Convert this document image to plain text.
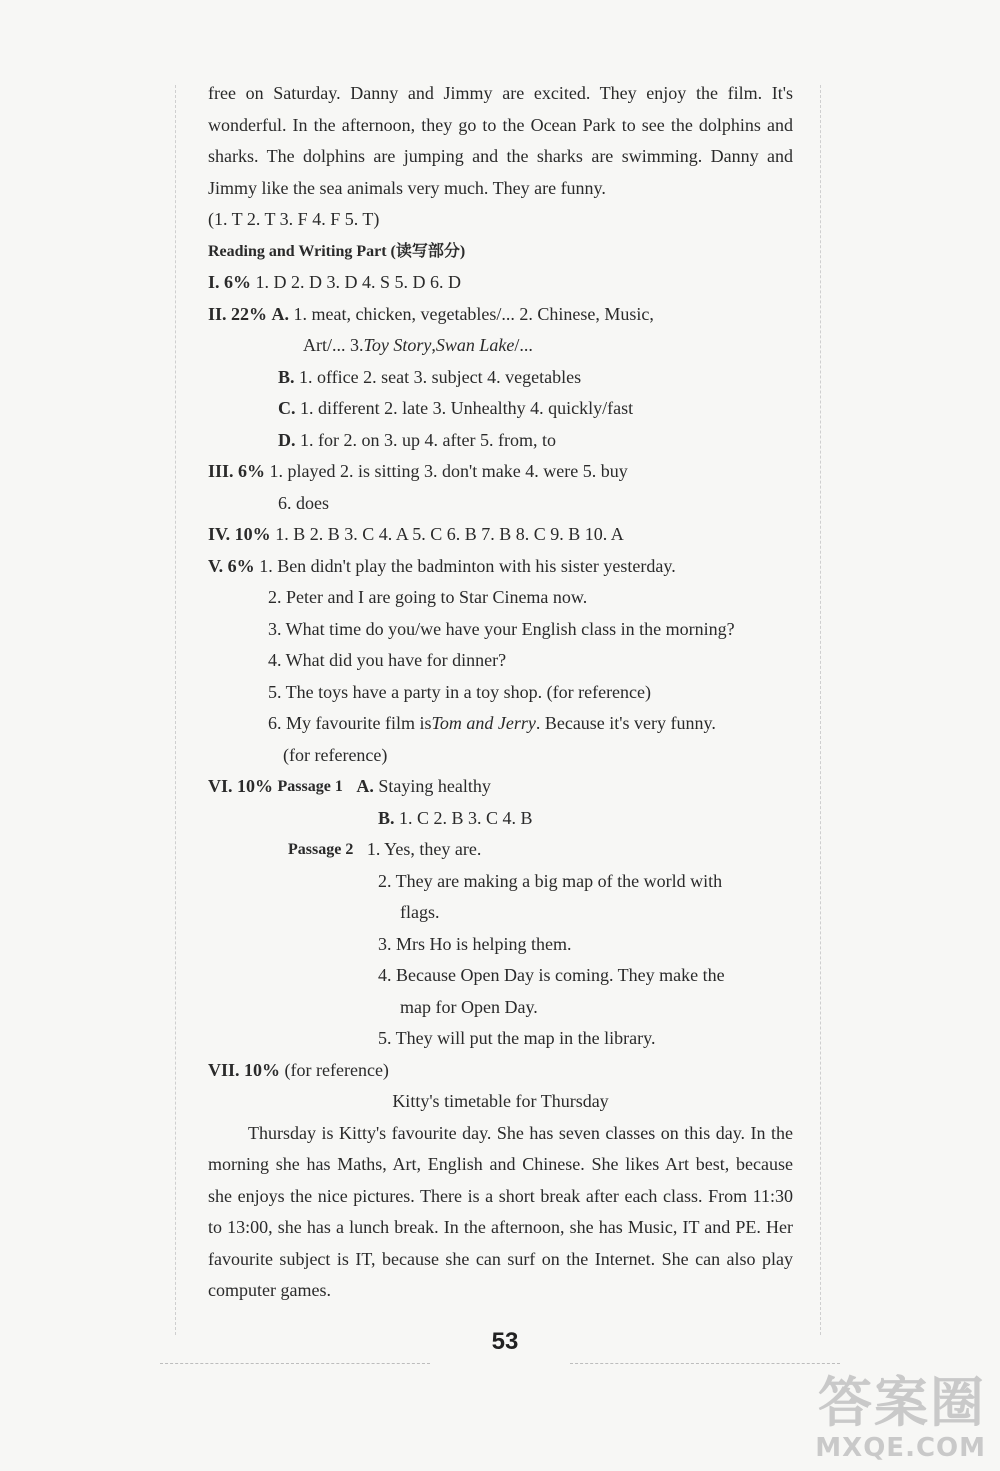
free on Saturday. Danny and Jimmy are excited. They enjoy the film. It's wonderful. In the afternoon, they go to the Ocean Park to see the dolphins and sharks. The dolphins are jumping and the sharks are swimming. Danny and Jimmy like the sea animals very much. They are funny.
(1. T 2. T 3. F 4. F 5. T)
Reading and Writing Part (读写部分)
I. 6%
1. D 2. D 3. D 4. S 5. D 6. D
II. 22%
A.
1. meat, chicken, vegetables/... 2. Chinese, Music,
Art/... 3. Toy Story , Swan Lake /...
B.
1. office 2. seat 3. subject 4. vegetables
C.
1. different 2. late 3. Unhealthy 4. quickly/fast
D.
1. for 2. on 3. up 4. after 5. from, to
III. 6%
1. played 2. is sitting 3. don't make 4. were 5. buy
6. does
IV. 10%
1. B 2. B 3. C 4. A 5. C 6. B 7. B 8. C 9. B 10. A
V. 6%
1. Ben didn't play the badminton with his sister yesterday.
2. Peter and I are going to Star Cinema now.
3. What time do you/we have your English class in the morning?
4. What did you have for dinner?
5. The toys have a party in a toy shop. (for reference)
6. My favourite film is Tom and Jerry . Because it's very funny.
(for reference)
VI. 10%
Passage 1
A.
Staying healthy
B.
1. C 2. B 3. C 4. B
Passage 2
1. Yes, they are.
2. They are making a big map of the world with
flags.
3. Mrs Ho is helping them.
4. Because Open Day is coming. They make the
map for Open Day.
5. They will put the map in the library.
VII. 10%
(for reference)
Kitty's timetable for Thursday
Thursday is Kitty's favourite day. She has seven classes on this day. In the morning she has Maths, Art, English and Chinese. She likes Art best, because she enjoys the nice pictures. There is a short break after each class. From 11:30 to 13:00, she has a lunch break. In the afternoon, she has Music, IT and PE. Her favourite subject is IT, because she can surf on the Internet. She can also play computer games.
53
答案圈
MXQE.COM
